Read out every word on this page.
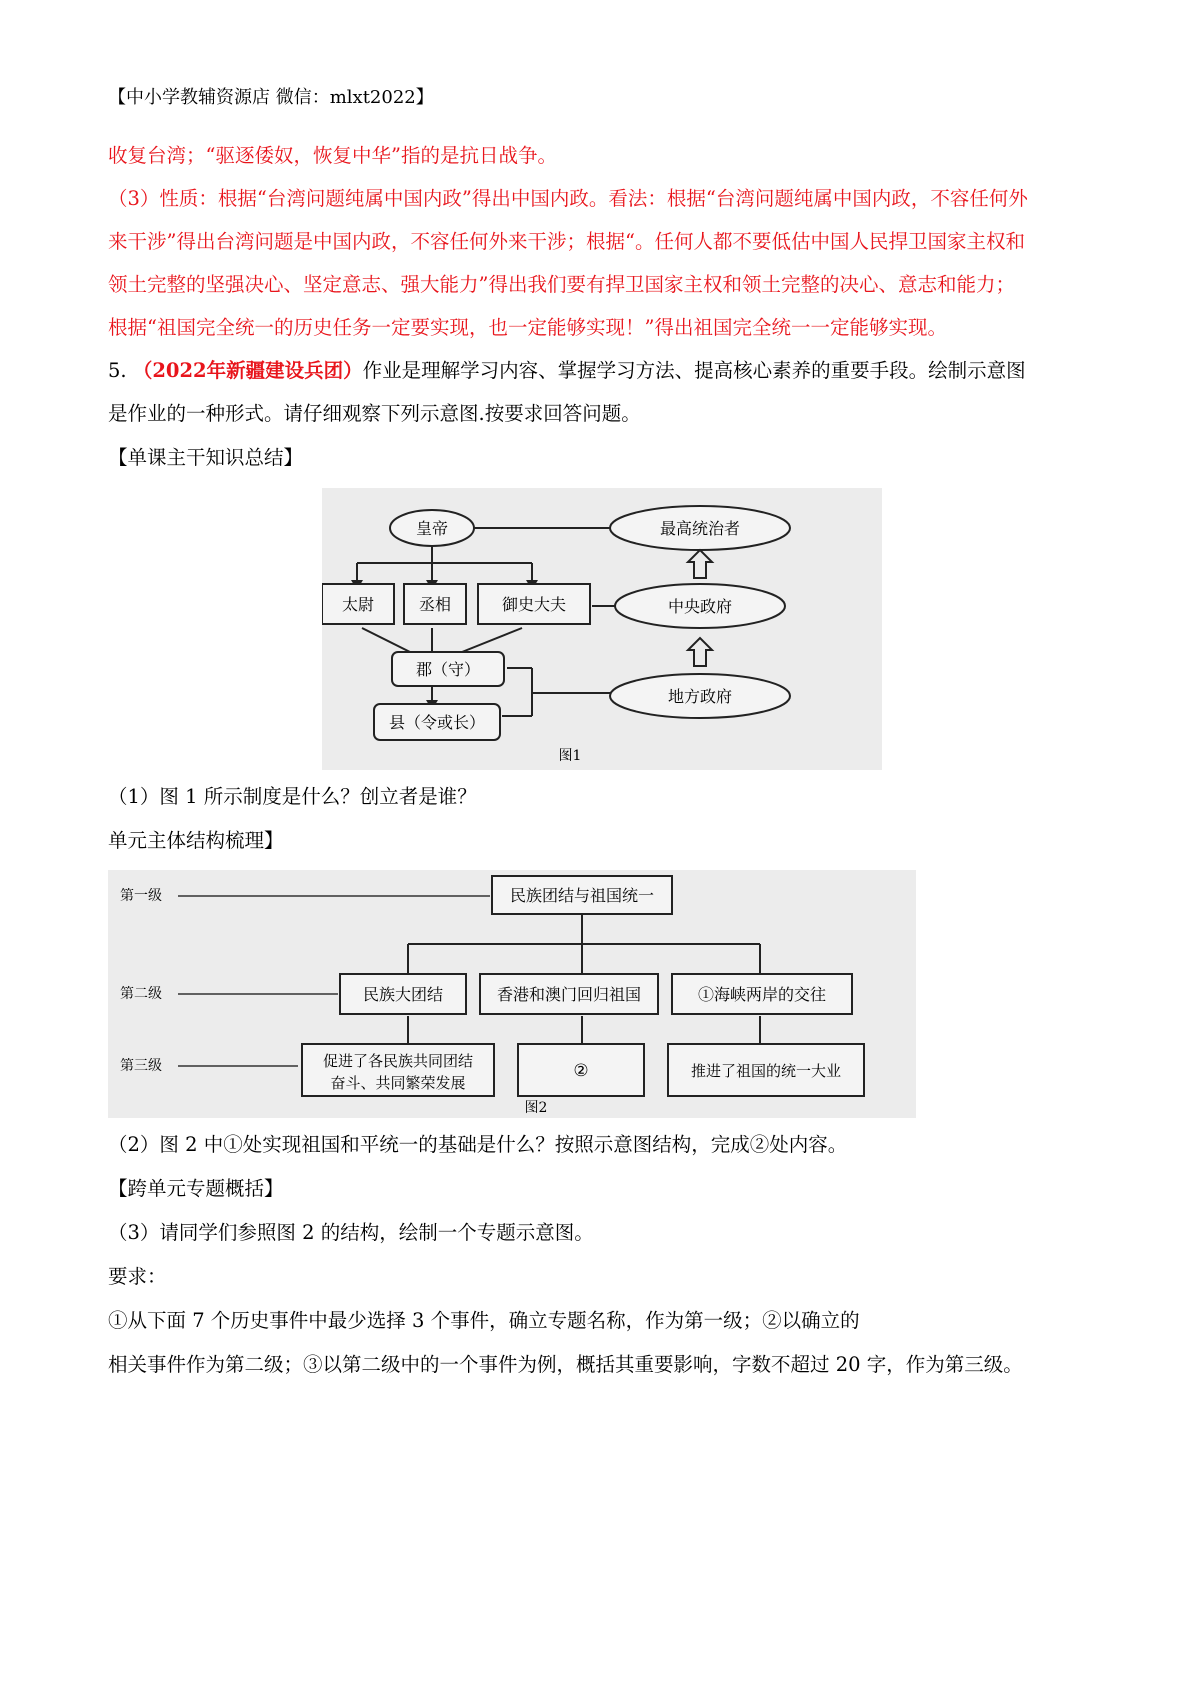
【中小学教辅资源店 微信：mlxt2022】
收复台湾；“驱逐倭奴，恢复中华”指的是抗日战争。
（3）性质：根据“台湾问题纯属中国内政”得出中国内政。看法：根据“台湾问题纯属中国内政，不容任何外
来干涉”得出台湾问题是中国内政，不容任何外来干涉；根据“。任何人都不要低估中国人民捍卫国家主权和
领土完整的坚强决心、坚定意志、强大能力”得出我们要有捍卫国家主权和领土完整的决心、意志和能力；
根据“祖国完全统一的历史任务一定要实现，也一定能够实现！”得出祖国完全统一一定能够实现。
5. （2022年新疆建设兵团）作业是理解学习内容、掌握学习方法、提高核心素养的重要手段。绘制示意图
是作业的一种形式。请仔细观察下列示意图.按要求回答问题。
【单课主干知识总结】
皇帝	最高统治者
中央政府
地方政府
太尉	丞相	御史大夫
郡（守）
县（令或长）
图1
（1）图 1 所示制度是什么？创立者是谁？
单元主体结构梳理】
第一级
第二级
第三级
民族团结与祖国统一
民族大团结	香港和澳门回归祖国	①海峡两岸的交往
促进了各民族共同团结
奋斗、共同繁荣发展
②	推进了祖国的统一大业
图2
（2）图 2 中①处实现祖国和平统一的基础是什么？按照示意图结构，完成②处内容。
【跨单元专题概括】
（3）请同学们参照图 2 的结构，绘制一个专题示意图。
要求：
①从下面 7 个历史事件中最少选择 3 个事件，确立专题名称，作为第一级；②以确立的
相关事件作为第二级；③以第二级中的一个事件为例，概括其重要影响，字数不超过 20 字，作为第三级。
